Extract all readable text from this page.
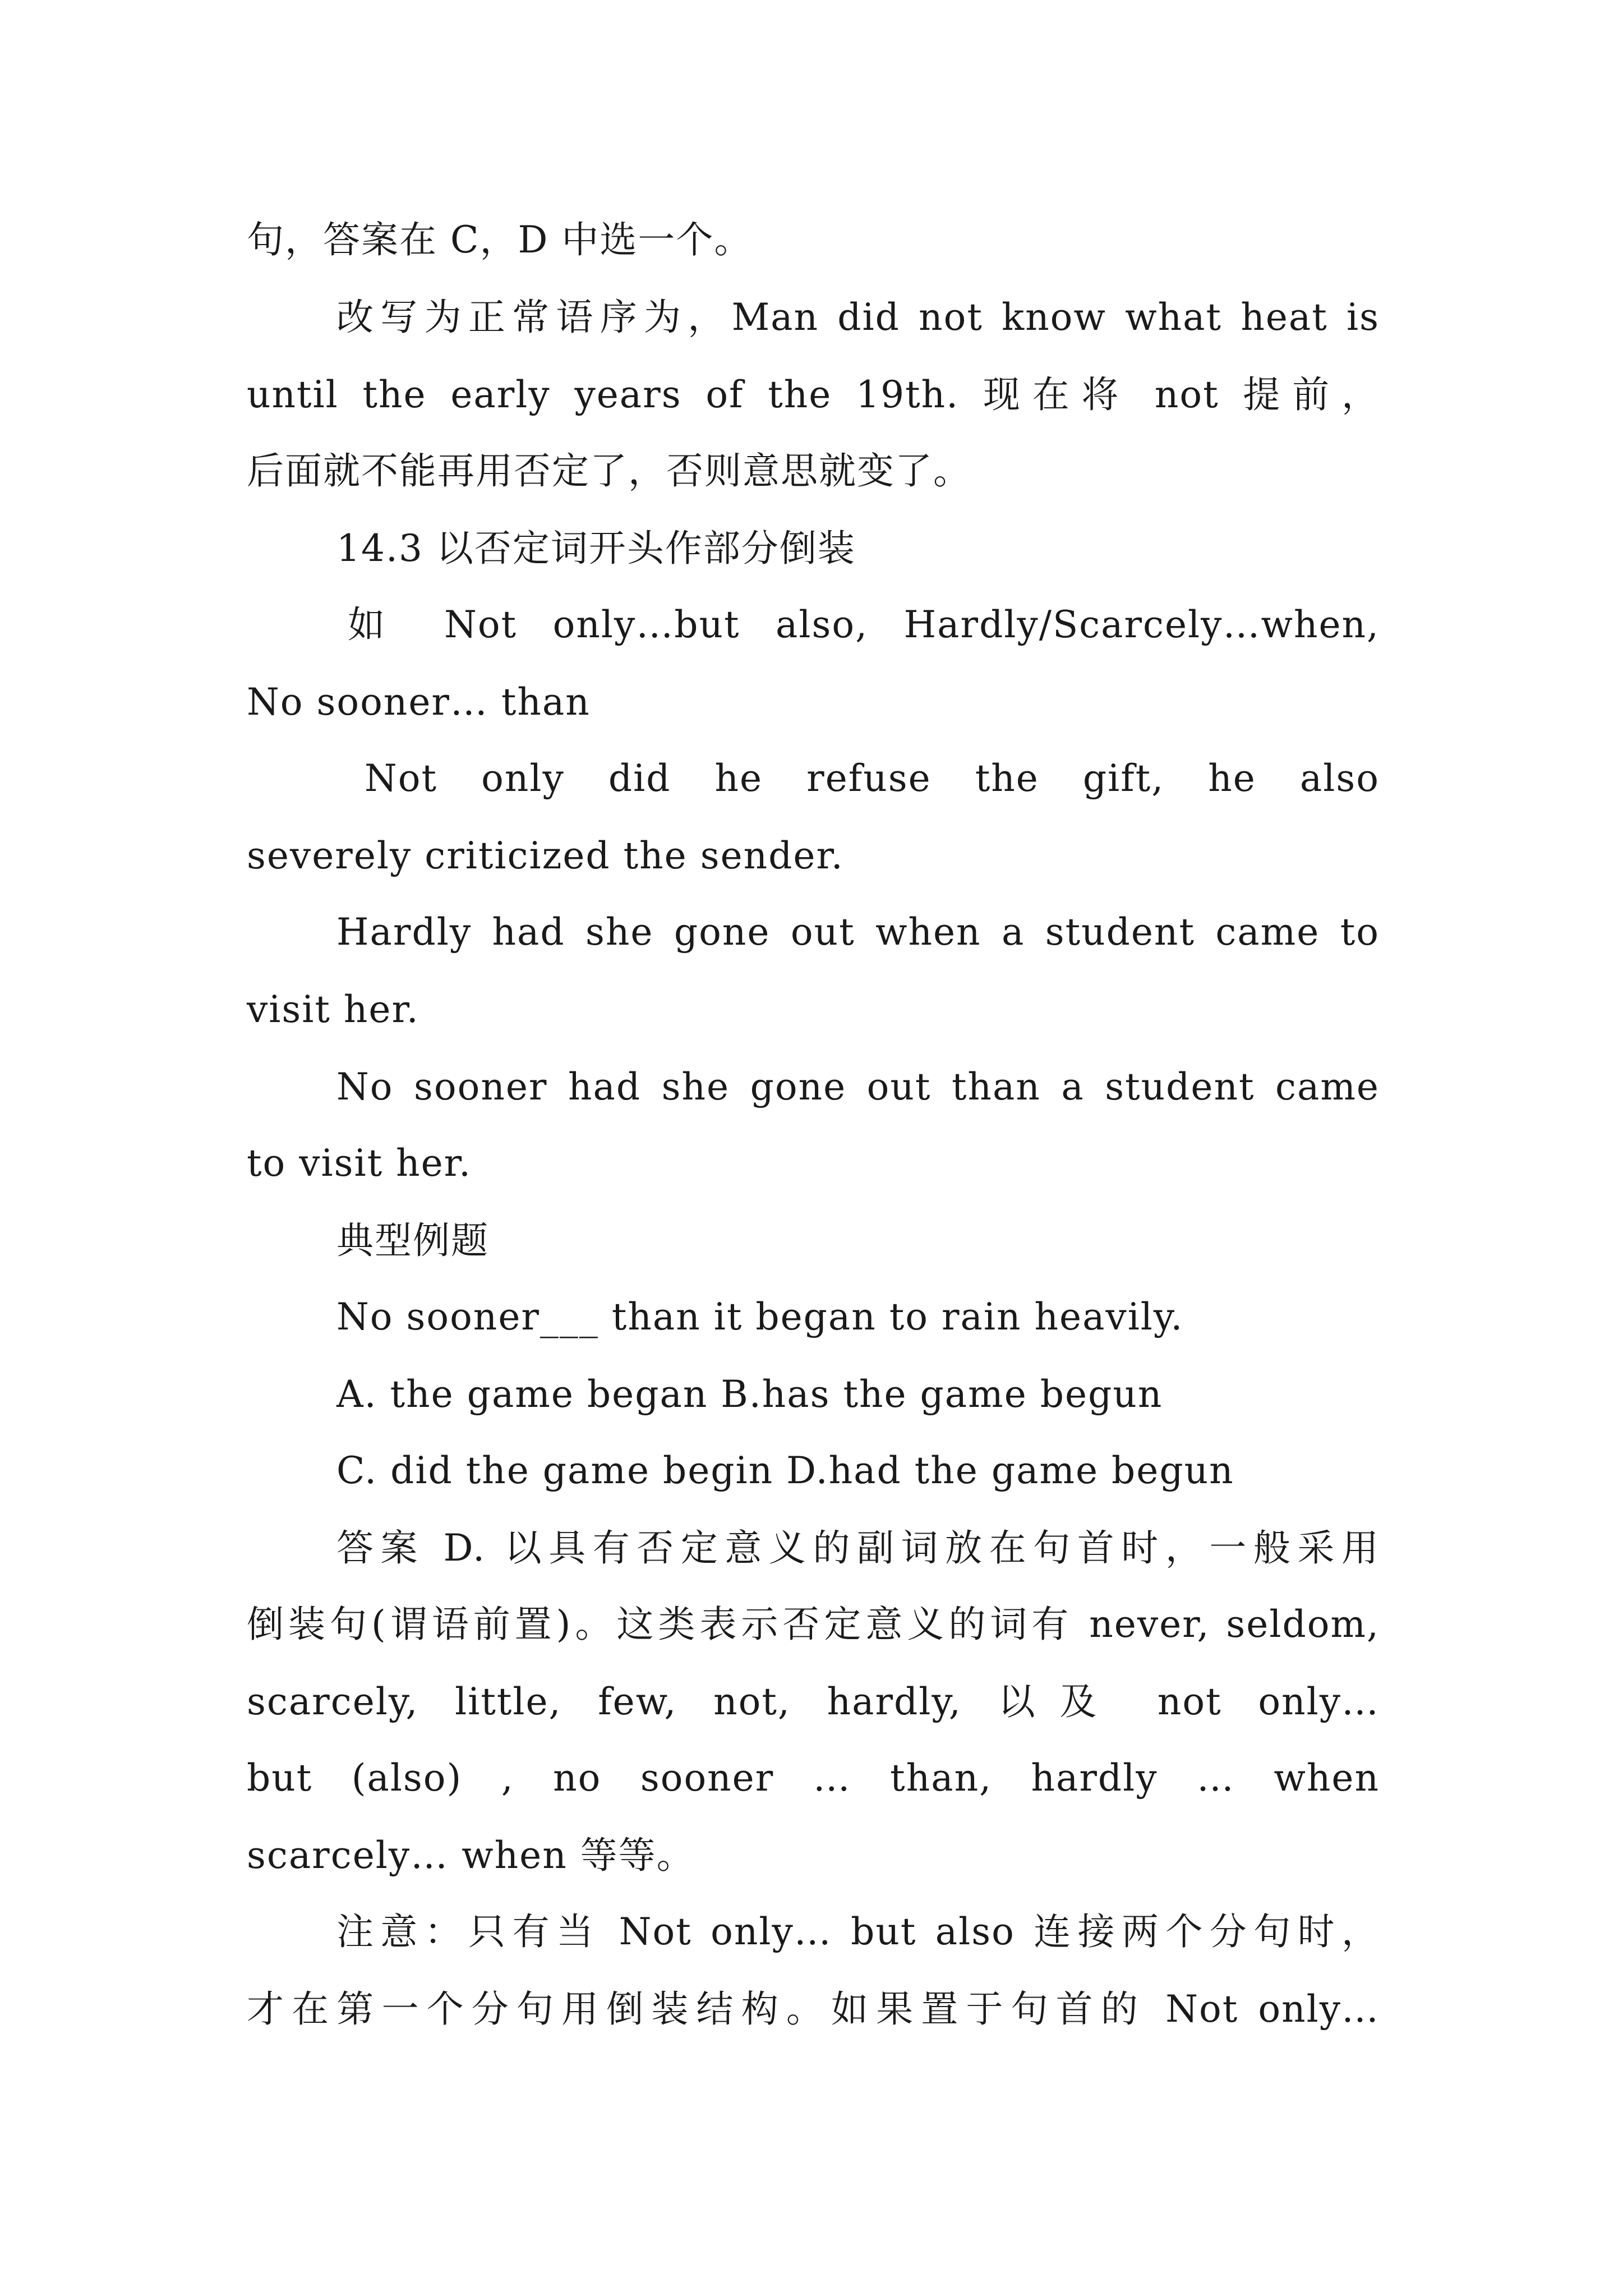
句，答案在 C，D 中选一个。
改写为正常语序为，Man did not know what heat is
until the early years of the 19th. 现在将 not 提前，
后面就不能再用否定了，否则意思就变了。
14.3 以否定词开头作部分倒装
如 Not only…but also, Hardly/Scarcely…when,
No sooner… than
Not only did he refuse the gift, he also
severely criticized the sender.
Hardly had she gone out when a student came to
visit her.
No sooner had she gone out than a student came
to visit her.
典型例题
No sooner___ than it began to rain heavily.
A. the game began B.has the game begun
C. did the game begin D.had the game begun
答案 D. 以具有否定意义的副词放在句首时，一般采用
倒装句(谓语前置)。这类表示否定意义的词有 never, seldom,
scarcely, little, few, not, hardly, 以及 not only…
but (also) , no sooner … than, hardly … when
scarcely… when 等等。
注意：只有当 Not only… but also 连接两个分句时，
才在第一个分句用倒装结构。如果置于句首的 Not only…
